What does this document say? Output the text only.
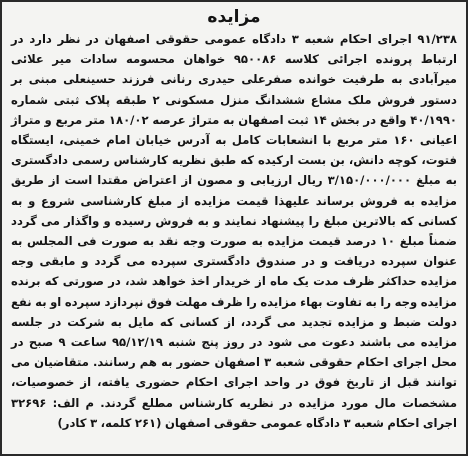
مزایده

۹۱/۲۳۸ اجرای احکام شعبه ۳ دادگاه عمومی حقوقی اصفهان در نظر دارد در ارتباط پرونده اجرائی کلاسه ۹۵۰۰۸۶ خواهان محسومه سادات میر علائی میرآبادی به طرفیت خوانده صفرعلی حیدری رنانی فرزند حسینعلی مبنی بر دستور فروش ملک مشاع ششدانگ منزل مسکونی ۲ طبقه پلاک ثبتی شماره ۴۰/۱۹۹۰ واقع در بخش ۱۴ ثبت اصفهان به متراژ عرصه ۱۸۰/۰۲ متر مربع و متراژ اعیانی ۱۶۰ متر مربع با انشعابات کامل به آدرس خیابان امام خمینی، ایستگاه فتوت، کوچه دانش، بن بست ارکیده که طبق نظریه کارشناس رسمی دادگستری به مبلغ ۳/۱۵۰/۰۰۰/۰۰۰ ریال ارزیابی و مصون از اعتراض مقتدا است از طریق مزایده به فروش برساند علیهذا قیمت مزایده از مبلغ کارشناسی شروع و به کسانی که بالاترین مبلغ را پیشنهاد نمایند و به فروش رسیده و واگذار می گردد ضمناً مبلغ ۱۰ درصد قیمت مزایده به صورت وجه نقد به صورت فی المجلس به عنوان سپرده دریافت و در صندوق دادگستری سپرده می گردد و مابقی وجه مزایده حداکثر ظرف مدت یک ماه از خریدار اخذ خواهد شد، در صورتی که برنده مزایده وجه را به تفاوت بهاء مزایده را ظرف مهلت فوق نپردازد سپرده او به نفع دولت ضبط و مزایده تجدید می گردد، از کسانی که مایل به شرکت در جلسه مزایده می باشند دعوت می شود در روز پنج شنبه ۹۵/۱۲/۱۹ ساعت ۹ صبح در محل اجرای احکام حقوقی شعبه ۳ اصفهان حضور به هم رسانند. متقاضیان می توانند قبل از تاریخ فوق در واحد اجرای احکام حضوری یافته، از خصوصیات، مشخصات مال مورد مزایده در نظریه کارشناس مطلع گردند. م الف: ۳۲۶۹۶ اجرای احکام شعبه ۳ دادگاه عمومی حقوقی اصفهان (۲۶۱ کلمه، ۳ کادر)
